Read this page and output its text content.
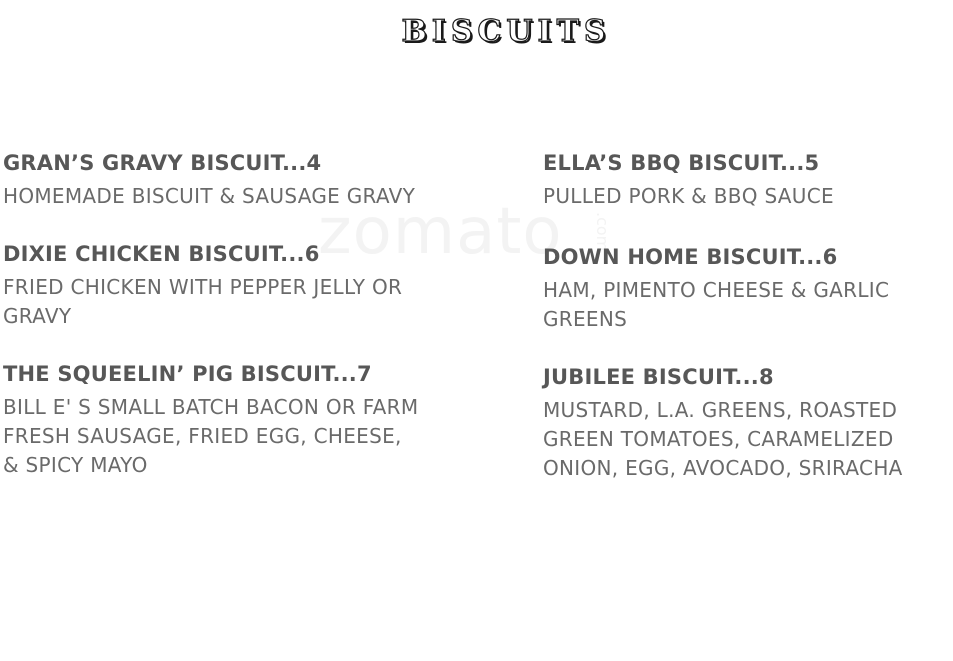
BISCUITS
zomato .com
GRAN’S GRAVY BISCUIT...4
HOMEMADE BISCUIT & SAUSAGE GRAVY
DIXIE CHICKEN BISCUIT...6
FRIED CHICKEN WITH PEPPER JELLY OR GRAVY
THE SQUEELIN’ PIG BISCUIT...7
BILL E' S SMALL BATCH BACON OR FARM FRESH SAUSAGE, FRIED EGG, CHEESE, & SPICY MAYO
ELLA’S BBQ BISCUIT...5
PULLED PORK & BBQ SAUCE
DOWN HOME BISCUIT...6
HAM, PIMENTO CHEESE & GARLIC GREENS
JUBILEE BISCUIT...8
MUSTARD, L.A. GREENS, ROASTED GREEN TOMATOES, CARAMELIZED ONION, EGG, AVOCADO, SRIRACHA
